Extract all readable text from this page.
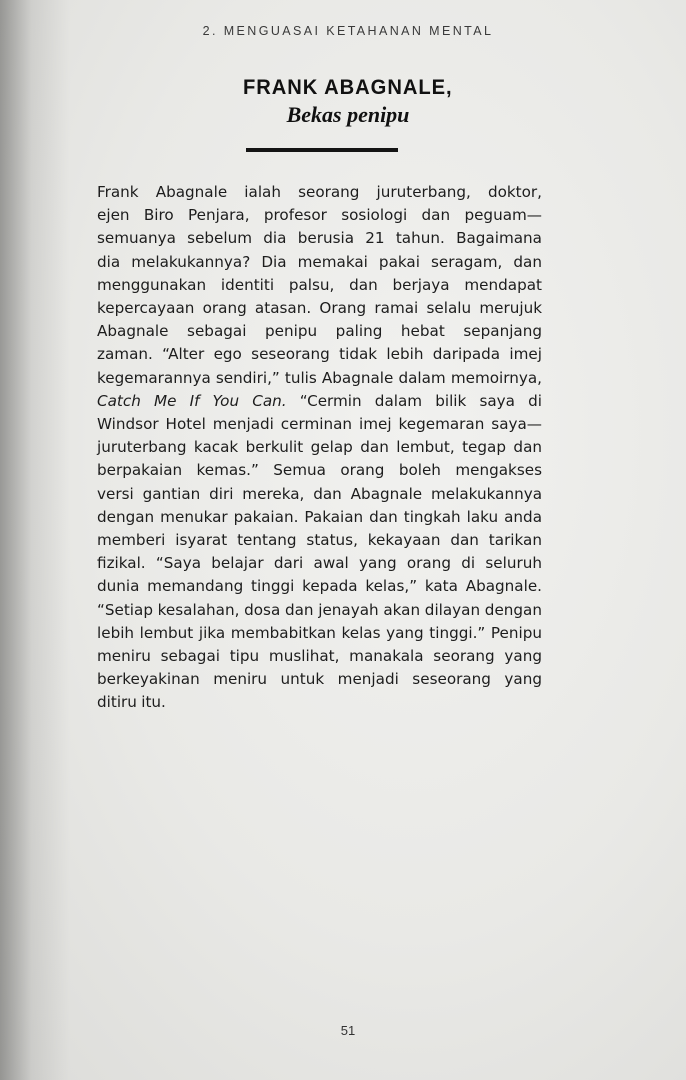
2. MENGUASAI KETAHANAN MENTAL
FRANK ABAGNALE,
Bekas penipu
Frank Abagnale ialah seorang juruterbang, doktor,
ejen Biro Penjara, profesor sosiologi dan peguam—
semuanya sebelum dia berusia 21 tahun. Bagaimana
dia melakukannya? Dia memakai pakai seragam, dan
menggunakan identiti palsu, dan berjaya mendapat
kepercayaan orang atasan. Orang ramai selalu merujuk
Abagnale sebagai penipu paling hebat sepanjang
zaman. “Alter ego seseorang tidak lebih daripada imej
kegemarannya sendiri,” tulis Abagnale dalam memoirnya,
Catch Me If You Can. “Cermin dalam bilik saya di
Windsor Hotel menjadi cerminan imej kegemaran saya—
juruterbang kacak berkulit gelap dan lembut, tegap dan
berpakaian kemas.” Semua orang boleh mengakses
versi gantian diri mereka, dan Abagnale melakukannya
dengan menukar pakaian. Pakaian dan tingkah laku anda
memberi isyarat tentang status, kekayaan dan tarikan
fizikal. “Saya belajar dari awal yang orang di seluruh
dunia memandang tinggi kepada kelas,” kata Abagnale.
“Setiap kesalahan, dosa dan jenayah akan dilayan dengan
lebih lembut jika membabitkan kelas yang tinggi.” Penipu
meniru sebagai tipu muslihat, manakala seorang yang
berkeyakinan meniru untuk menjadi seseorang yang
ditiru itu.
51
